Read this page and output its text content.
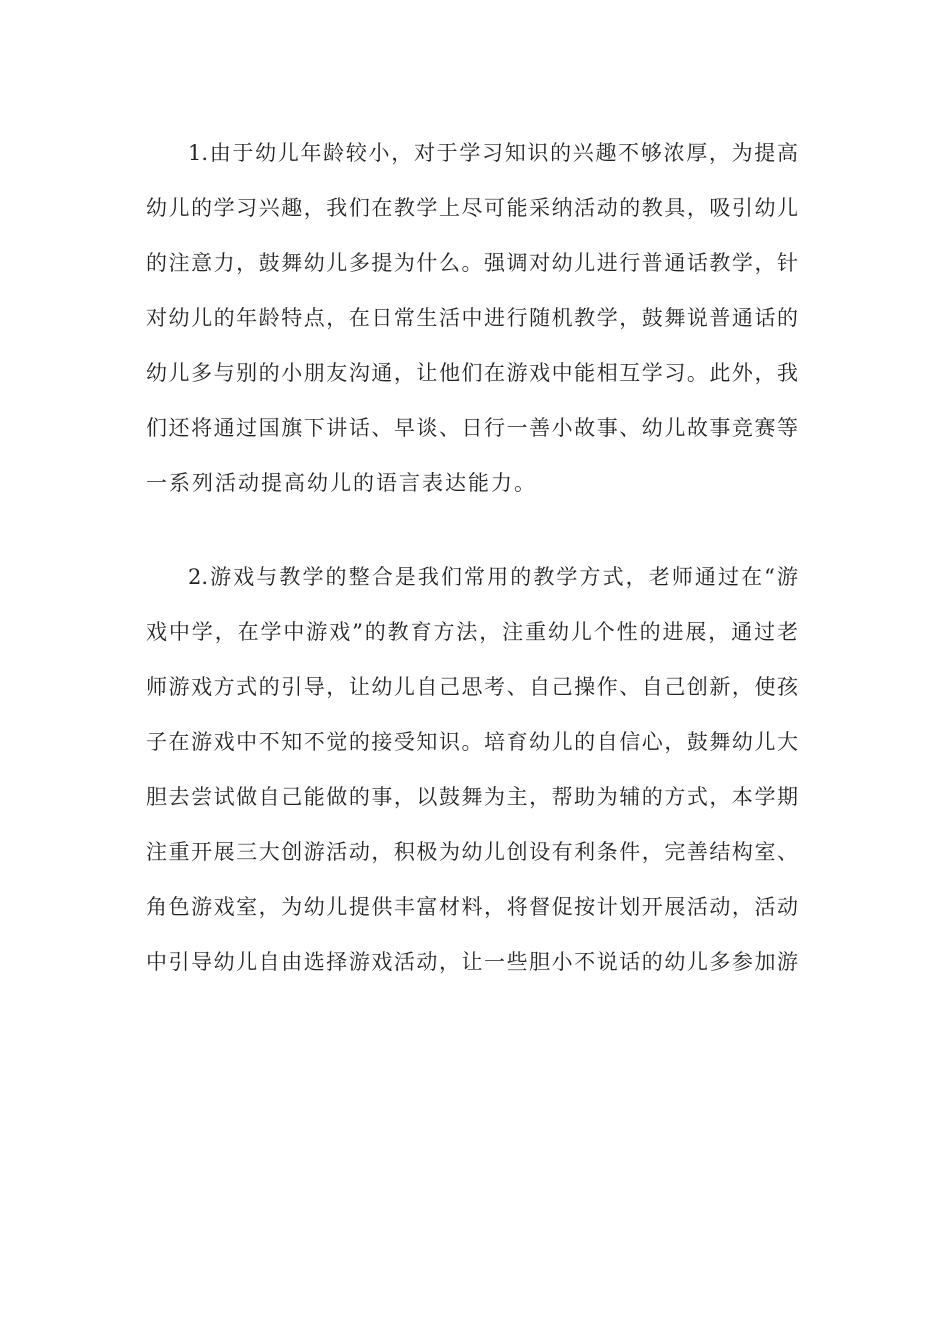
1.由于幼儿年龄较小，对于学习知识的兴趣不够浓厚，为提高
幼儿的学习兴趣，我们在教学上尽可能采纳活动的教具，吸引幼儿
的注意力，鼓舞幼儿多提为什么。强调对幼儿进行普通话教学，针
对幼儿的年龄特点，在日常生活中进行随机教学，鼓舞说普通话的
幼儿多与别的小朋友沟通，让他们在游戏中能相互学习。此外，我
们还将通过国旗下讲话、早谈、日行一善小故事、幼儿故事竞赛等
一系列活动提高幼儿的语言表达能力。
2.游戏与教学的整合是我们常用的教学方式，老师通过在“游
戏中学，在学中游戏”的教育方法，注重幼儿个性的进展，通过老
师游戏方式的引导，让幼儿自己思考、自己操作、自己创新，使孩
子在游戏中不知不觉的接受知识。培育幼儿的自信心，鼓舞幼儿大
胆去尝试做自己能做的事，以鼓舞为主，帮助为辅的方式，本学期
注重开展三大创游活动，积极为幼儿创设有利条件，完善结构室、
角色游戏室，为幼儿提供丰富材料，将督促按计划开展活动，活动
中引导幼儿自由选择游戏活动，让一些胆小不说话的幼儿多参加游
